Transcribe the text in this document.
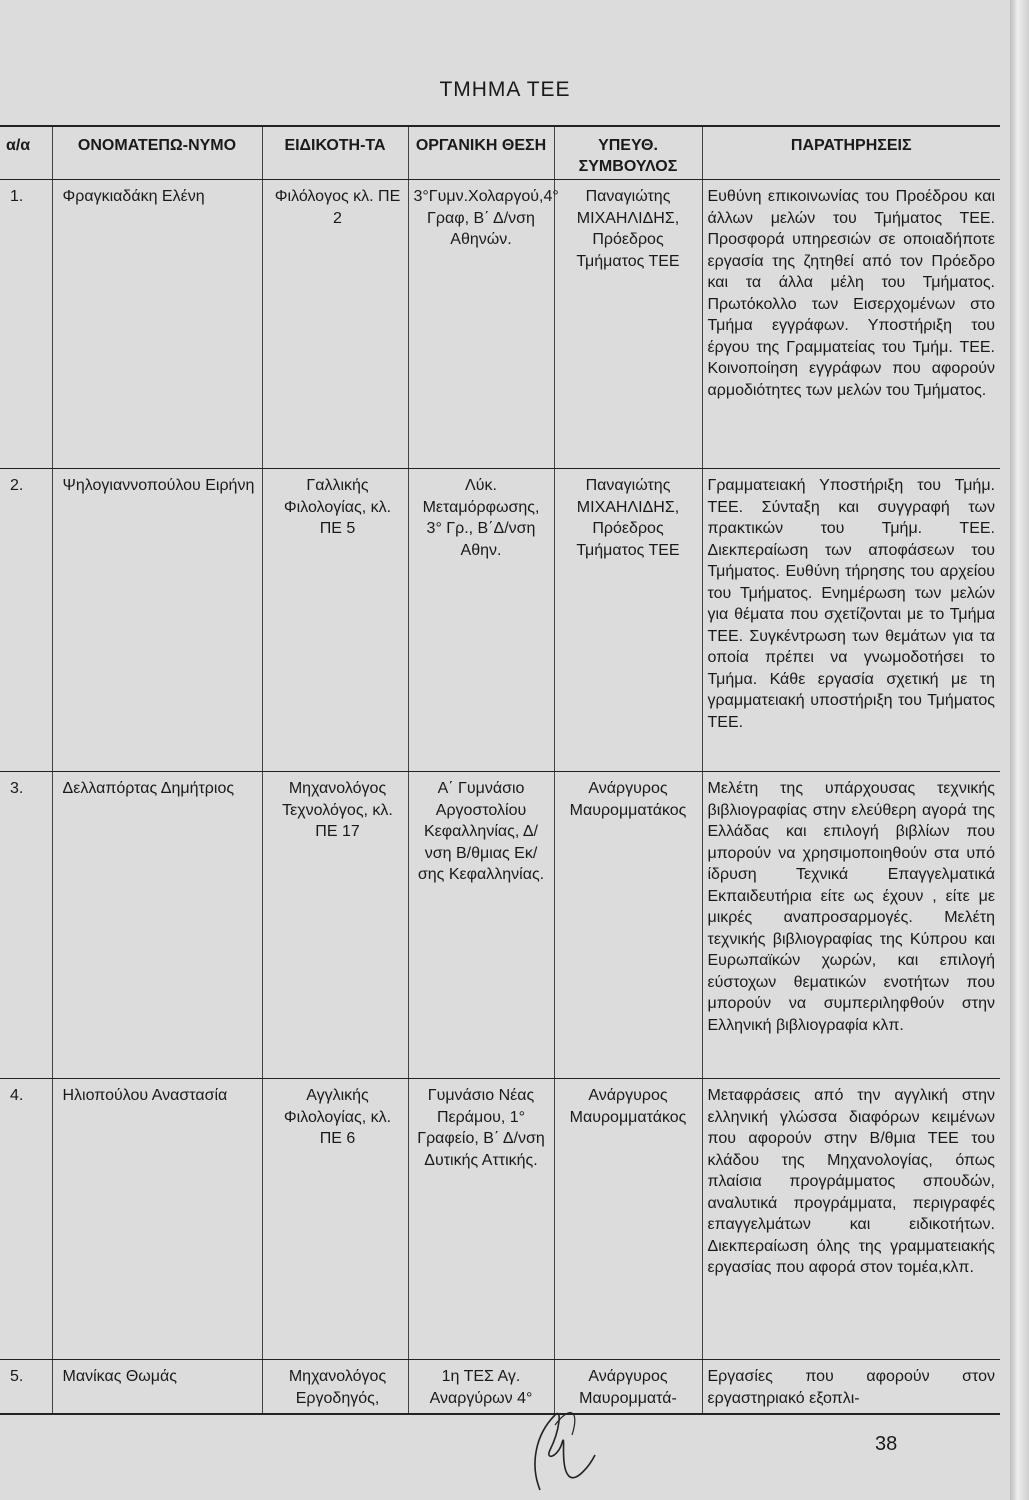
ΤΜΗΜΑ ΤΕΕ
α/α	ΟΝΟΜΑΤΕΠΩ-ΝΥΜΟ	ΕΙΔΙΚΟΤΗ-ΤΑ	ΟΡΓΑΝΙΚΗ ΘΕΣΗ	ΥΠΕΥΘ. ΣΥΜΒΟΥΛΟΣ	ΠΑΡΑΤΗΡΗΣΕΙΣ
1.	Φραγκιαδάκη Ελένη	Φιλόλογος κλ. ΠΕ 2	3°Γυμν.Χολαργού,4° Γραφ, Β΄ Δ/νση Αθηνών.	Παναγιώτης ΜΙΧΑΗΛΙΔΗΣ, Πρόεδρος Τμήματος ΤΕΕ	Ευθύνη επικοινωνίας του Προέδρου και άλλων μελών του Τμήματος ΤΕΕ. Προσφορά υπηρεσιών σε οποιαδήποτε εργασία της ζητηθεί από τον Πρόεδρο και τα άλλα μέλη του Τμήματος. Πρωτόκολλο των Εισερχομένων στο Τμήμα εγγράφων. Υποστήριξη του έργου της Γραμματείας του Τμήμ. ΤΕΕ. Κοινοποίηση εγγράφων που αφορούν αρμοδιότητες των μελών του Τμήματος.
2.	Ψηλογιαννοπούλου Ειρήνη	Γαλλικής Φιλολογίας, κλ. ΠΕ 5	Λύκ. Μεταμόρφωσης, 3° Γρ., Β΄Δ/νση Αθην.	Παναγιώτης ΜΙΧΑΗΛΙΔΗΣ, Πρόεδρος Τμήματος ΤΕΕ	Γραμματειακή Υποστήριξη του Τμήμ. ΤΕΕ. Σύνταξη και συγγραφή των πρακτικών του Τμήμ. ΤΕΕ. Διεκπεραίωση των αποφάσεων του Τμήματος. Ευθύνη τήρησης του αρχείου του Τμήματος. Ενημέρωση των μελών για θέματα που σχετίζονται με το Τμήμα ΤΕΕ. Συγκέντρωση των θεμάτων για τα οποία πρέπει να γνωμοδοτήσει το Τμήμα. Κάθε εργασία σχετική με τη γραμματειακή υποστήριξη του Τμήματος ΤΕΕ.
3.	Δελλαπόρτας Δημήτριος	Μηχανολόγος Τεχνολόγος, κλ. ΠΕ 17	Α΄ Γυμνάσιο Αργοστολίου Κεφαλληνίας, Δ/νση Β/θμιας Εκ/σης Κεφαλληνίας.	Ανάργυρος Μαυρομματάκος	Μελέτη της υπάρχουσας τεχνικής βιβλιογραφίας στην ελεύθερη αγορά της Ελλάδας και επιλογή βιβλίων που μπορούν να χρησιμοποιηθούν στα υπό ίδρυση Τεχνικά Επαγγελματικά Εκπαιδευτήρια είτε ως έχουν , είτε με μικρές αναπροσαρμογές. Μελέτη τεχνικής βιβλιογραφίας της Κύπρου και Ευρωπαϊκών χωρών, και επιλογή εύστοχων θεματικών ενοτήτων που μπορούν να συμπεριληφθούν στην Ελληνική βιβλιογραφία κλπ.
4.	Ηλιοπούλου Αναστασία	Αγγλικής Φιλολογίας, κλ. ΠΕ 6	Γυμνάσιο Νέας Περάμου, 1° Γραφείο, Β΄ Δ/νση Δυτικής Αττικής.	Ανάργυρος Μαυρομματάκος	Μεταφράσεις από την αγγλική στην ελληνική γλώσσα διαφόρων κειμένων που αφορούν στην Β/θμια ΤΕΕ του κλάδου της Μηχανολογίας, όπως πλαίσια προγράμματος σπουδών, αναλυτικά προγράμματα, περιγραφές επαγγελμάτων και ειδικοτήτων. Διεκπεραίωση όλης της γραμματειακής εργασίας που αφορά στον τομέα,κλπ.
5.	Μανίκας Θωμάς	Μηχανολόγος Εργοδηγός,	1η ΤΕΣ Αγ. Αναργύρων 4°	Ανάργυρος Μαυρομματά-	Εργασίες που αφορούν στον εργαστηριακό εξοπλι-
38
